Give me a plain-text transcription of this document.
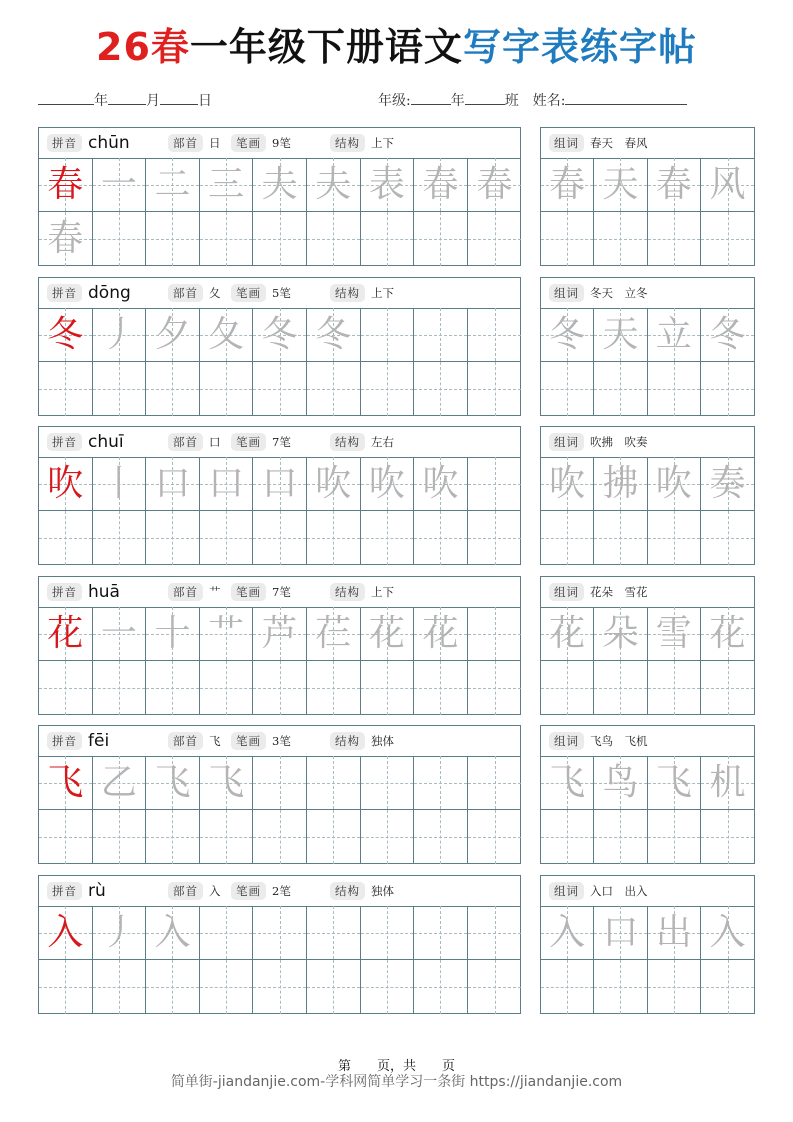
26春一年级下册语文写字表练字帖
年	月	日	年级:	年	班 姓名:
拼音 chūn	部首 日	笔画 9笔	结构 上下
春 一 二 三 夫 夫 表 春 春
春
组词 春天　春风
春 天 春 风
拼音 dōng	部首 夂	笔画 5笔	结构 上下
冬 丿 夕 夂 冬 冬
组词 冬天　立冬
冬 天 立 冬
拼音 chuī	部首 口	笔画 7笔	结构 左右
吹 丨 口 口 口 吹 吹 吹
组词 吹拂　吹奏
吹 拂 吹 奏
拼音 huā	部首 艹	笔画 7笔	结构 上下
花 一 十 艹 芦 芢 花 花
组词 花朵　雪花
花 朵 雪 花
拼音 fēi	部首 飞	笔画 3笔	结构 独体
飞 乙 飞 飞
组词 飞鸟　飞机
飞 鸟 飞 机
拼音 rù	部首 入	笔画 2笔	结构 独体
入 丿 入
组词 入口　出入
入 口 出 入
第　　页，共　　页
简单街-jiandanjie.com-学科网简单学习一条街 https://jiandanjie.com
